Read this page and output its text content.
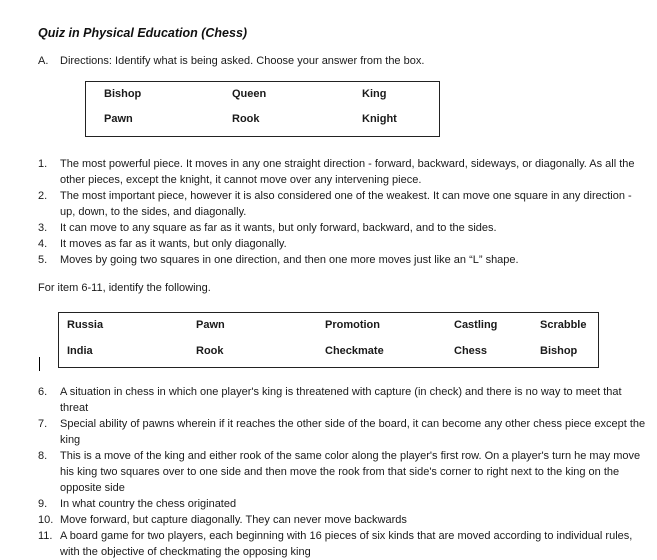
Quiz in Physical Education (Chess)
A. Directions: Identify what is being asked. Choose your answer from the box.
Bishop	Queen	King
Pawn	Rook	Knight
1. The most powerful piece. It moves in any one straight direction - forward, backward, sideways, or diagonally. As all the other pieces, except the knight, it cannot move over any intervening piece.
2. The most important piece, however it is also considered one of the weakest. It can move one square in any direction - up, down, to the sides, and diagonally.
3. It can move to any square as far as it wants, but only forward, backward, and to the sides.
4. It moves as far as it wants, but only diagonally.
5. Moves by going two squares in one direction, and then one more moves just like an “L” shape.
For item 6-11, identify the following.
Russia	Pawn	Promotion	Castling	Scrabble
India	Rook	Checkmate	Chess	Bishop
6. A situation in chess in which one player's king is threatened with capture (in check) and there is no way to meet that threat
7. Special ability of pawns wherein if it reaches the other side of the board, it can become any other chess piece except the king
8. This is a move of the king and either rook of the same color along the player's first row. On a player's turn he may move his king two squares over to one side and then move the rook from that side's corner to right next to the king on the opposite side
9. In what country the chess originated
10. Move forward, but capture diagonally. They can never move backwards
11. A board game for two players, each beginning with 16 pieces of six kinds that are moved according to individual rules, with the objective of checkmating the opposing king
